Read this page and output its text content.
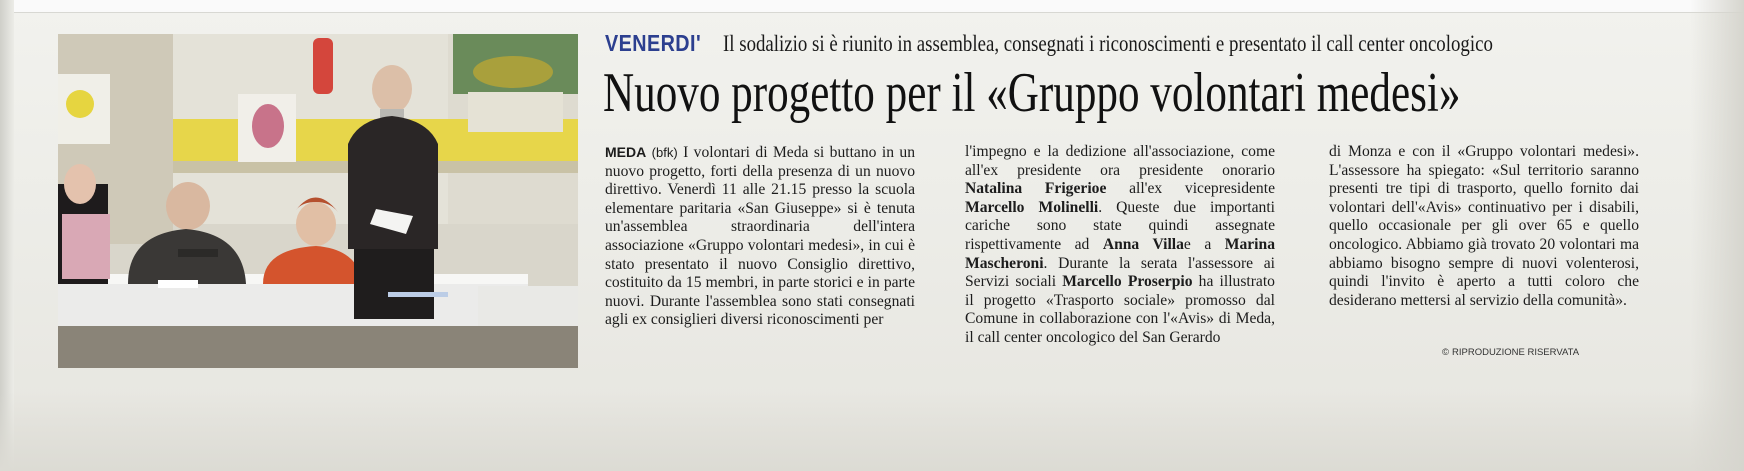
VENERDI' Il sodalizio si è riunito in assemblea, consegnati i riconoscimenti e presentato il call center oncologico
Nuovo progetto per il «Gruppo volontari medesi»

MEDA (bfk) I volontari di Meda si buttano in un nuovo progetto, forti della presenza di un nuovo direttivo. Venerdì 11 alle 21.15 presso la scuola elementare paritaria «San Giuseppe» si è tenuta un'assemblea straordinaria dell'intera associazione «Gruppo volontari medesi», in cui è stato presentato il nuovo Consiglio direttivo, costituito da 15 membri, in parte storici e in parte nuovi. Durante l'assemblea sono stati consegnati agli ex consiglieri diversi riconoscimenti per

l'impegno e la dedizione all'associazione, come all'ex presidente ora presidente onorario Natalina Frigerioe all'ex vicepresidente Marcello Molinelli. Queste due importanti cariche sono state quindi assegnate rispettivamente ad Anna Villae a Marina Mascheroni. Durante la serata l'assessore ai Servizi sociali Marcello Proserpio ha illustrato il progetto «Trasporto sociale» promosso dal Comune in collaborazione con l'«Avis» di Meda, il call center oncologico del San Gerardo

di Monza e con il «Gruppo volontari medesi». L'assessore ha spiegato: «Sul territorio saranno presenti tre tipi di trasporto, quello fornito dai volontari dell'«Avis» continuativo per i disabili, quello occasionale per gli over 65 e quello oncologico. Abbiamo già trovato 20 volontari ma abbiamo bisogno sempre di nuovi volenterosi, quindi l'invito è aperto a tutti coloro che desiderano mettersi al servizio della comunità».

© RIPRODUZIONE RISERVATA
